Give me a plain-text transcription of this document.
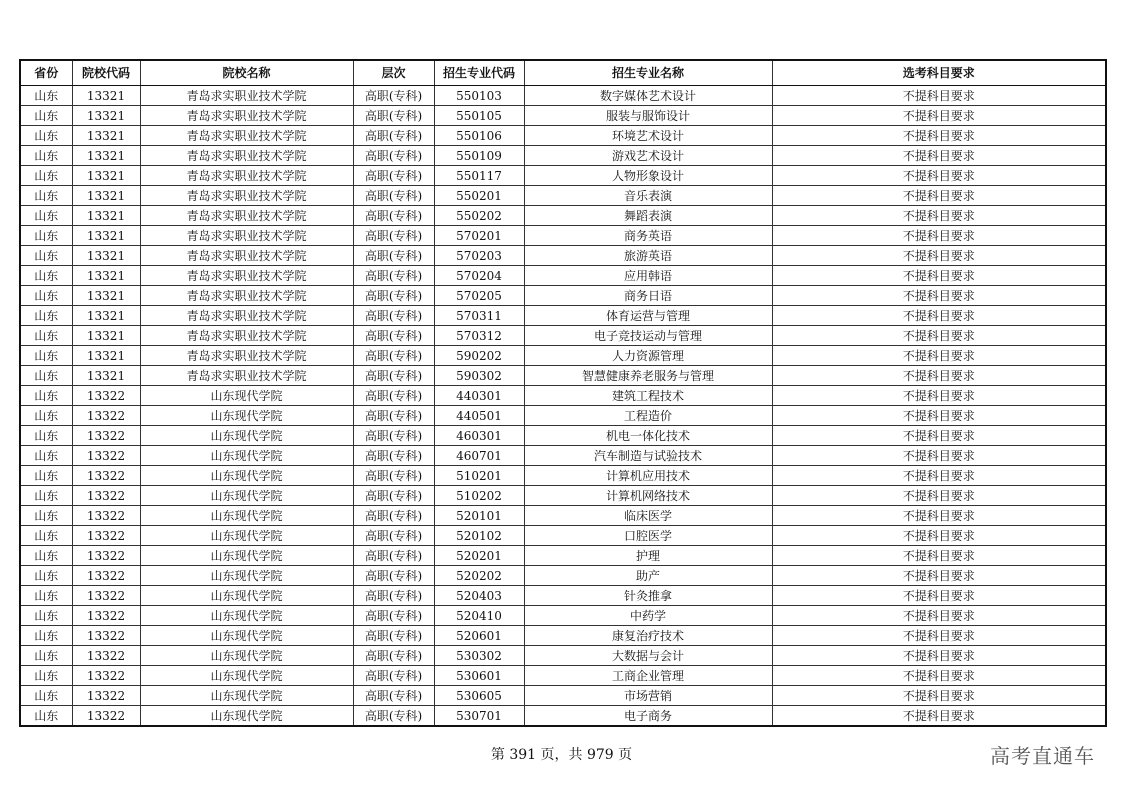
省份	院校代码	院校名称	层次	招生专业代码	招生专业名称	选考科目要求
山东	13321	青岛求实职业技术学院	高职(专科)	550103	数字媒体艺术设计	不提科目要求
山东	13321	青岛求实职业技术学院	高职(专科)	550105	服装与服饰设计	不提科目要求
山东	13321	青岛求实职业技术学院	高职(专科)	550106	环境艺术设计	不提科目要求
山东	13321	青岛求实职业技术学院	高职(专科)	550109	游戏艺术设计	不提科目要求
山东	13321	青岛求实职业技术学院	高职(专科)	550117	人物形象设计	不提科目要求
山东	13321	青岛求实职业技术学院	高职(专科)	550201	音乐表演	不提科目要求
山东	13321	青岛求实职业技术学院	高职(专科)	550202	舞蹈表演	不提科目要求
山东	13321	青岛求实职业技术学院	高职(专科)	570201	商务英语	不提科目要求
山东	13321	青岛求实职业技术学院	高职(专科)	570203	旅游英语	不提科目要求
山东	13321	青岛求实职业技术学院	高职(专科)	570204	应用韩语	不提科目要求
山东	13321	青岛求实职业技术学院	高职(专科)	570205	商务日语	不提科目要求
山东	13321	青岛求实职业技术学院	高职(专科)	570311	体育运营与管理	不提科目要求
山东	13321	青岛求实职业技术学院	高职(专科)	570312	电子竞技运动与管理	不提科目要求
山东	13321	青岛求实职业技术学院	高职(专科)	590202	人力资源管理	不提科目要求
山东	13321	青岛求实职业技术学院	高职(专科)	590302	智慧健康养老服务与管理	不提科目要求
山东	13322	山东现代学院	高职(专科)	440301	建筑工程技术	不提科目要求
山东	13322	山东现代学院	高职(专科)	440501	工程造价	不提科目要求
山东	13322	山东现代学院	高职(专科)	460301	机电一体化技术	不提科目要求
山东	13322	山东现代学院	高职(专科)	460701	汽车制造与试验技术	不提科目要求
山东	13322	山东现代学院	高职(专科)	510201	计算机应用技术	不提科目要求
山东	13322	山东现代学院	高职(专科)	510202	计算机网络技术	不提科目要求
山东	13322	山东现代学院	高职(专科)	520101	临床医学	不提科目要求
山东	13322	山东现代学院	高职(专科)	520102	口腔医学	不提科目要求
山东	13322	山东现代学院	高职(专科)	520201	护理	不提科目要求
山东	13322	山东现代学院	高职(专科)	520202	助产	不提科目要求
山东	13322	山东现代学院	高职(专科)	520403	针灸推拿	不提科目要求
山东	13322	山东现代学院	高职(专科)	520410	中药学	不提科目要求
山东	13322	山东现代学院	高职(专科)	520601	康复治疗技术	不提科目要求
山东	13322	山东现代学院	高职(专科)	530302	大数据与会计	不提科目要求
山东	13322	山东现代学院	高职(专科)	530601	工商企业管理	不提科目要求
山东	13322	山东现代学院	高职(专科)	530605	市场营销	不提科目要求
山东	13322	山东现代学院	高职(专科)	530701	电子商务	不提科目要求
第 391 页，共 979 页	高考直通车
